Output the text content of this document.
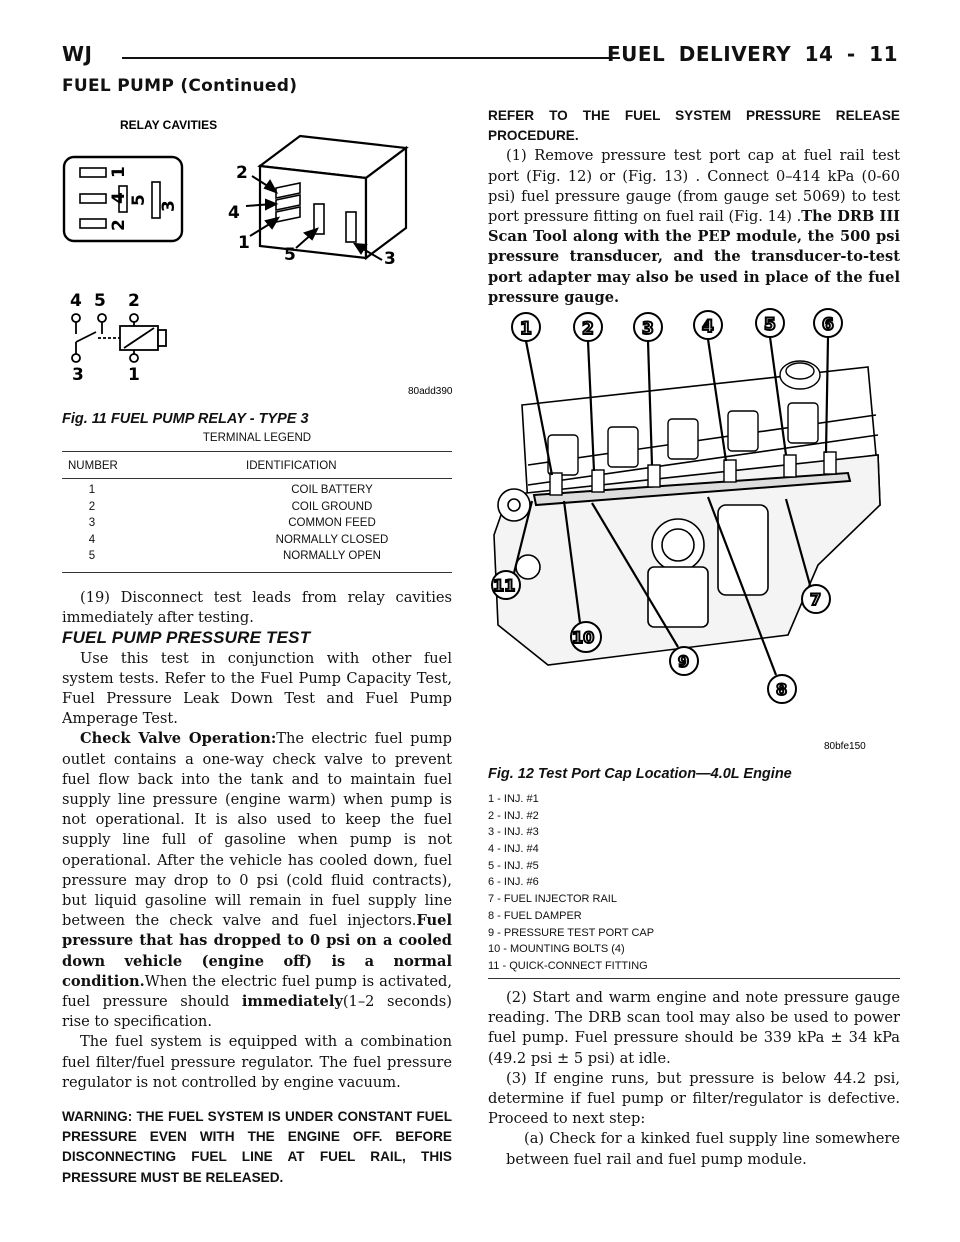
WJ	FUEL DELIVERY 14 - 11
FUEL PUMP (Continued)
RELAY CAVITIES
1
2
3
4 5
2
4
1
5	3
4 5 2
3	1
80add390
Fig. 11 FUEL PUMP RELAY - TYPE 3
TERMINAL LEGEND
NUMBER	IDENTIFICATION
1	COIL BATTERY
2	COIL GROUND
3	COMMON FEED
4	NORMALLY CLOSED
5	NORMALLY OPEN

(19) Disconnect test leads from relay cavities immediately after testing.

FUEL PUMP PRESSURE TEST

Use this test in conjunction with other fuel system tests. Refer to the Fuel Pump Capacity Test, Fuel Pressure Leak Down Test and Fuel Pump Amperage Test.

Check Valve Operation:The electric fuel pump outlet contains a one-way check valve to prevent fuel flow back into the tank and to maintain fuel supply line pressure (engine warm) when pump is not operational. It is also used to keep the fuel supply line full of gasoline when pump is not operational. After the vehicle has cooled down, fuel pressure may drop to 0 psi (cold fluid contracts), but liquid gasoline will remain in fuel supply line between the check valve and fuel injectors.Fuel pressure that has dropped to 0 psi on a cooled down vehicle (engine off) is a normal condition.When the electric fuel pump is activated, fuel pressure should immediately(1–2 seconds) rise to specification.

The fuel system is equipped with a combination fuel filter/fuel pressure regulator. The fuel pressure regulator is not controlled by engine vacuum.

WARNING: THE FUEL SYSTEM IS UNDER CONSTANT FUEL PRESSURE EVEN WITH THE ENGINE OFF. BEFORE DISCONNECTING FUEL LINE AT FUEL RAIL, THIS PRESSURE MUST BE RELEASED.

REFER TO THE FUEL SYSTEM PRESSURE RELEASE PROCEDURE.

(1) Remove pressure test port cap at fuel rail test port (Fig. 12) or (Fig. 13) . Connect 0–414 kPa (0-60 psi) fuel pressure gauge (from gauge set 5069) to test port pressure fitting on fuel rail (Fig. 14) .The DRB III Scan Tool along with the PEP module, the 500 psi pressure transducer, and the transducer-to-test port adapter may also be used in place of the fuel pressure gauge.

1	2	3	4	5	6
11
10
9
8
7
80bfe150
Fig. 12 Test Port Cap Location—4.0L Engine
1 - INJ. #1
2 - INJ. #2
3 - INJ. #3
4 - INJ. #4
5 - INJ. #5
6 - INJ. #6
7 - FUEL INJECTOR RAIL
8 - FUEL DAMPER
9 - PRESSURE TEST PORT CAP
10 - MOUNTING BOLTS (4)
11 - QUICK-CONNECT FITTING

(2) Start and warm engine and note pressure gauge reading. The DRB scan tool may also be used to power fuel pump. Fuel pressure should be 339 kPa ± 34 kPa (49.2 psi ± 5 psi) at idle.

(3) If engine runs, but pressure is below 44.2 psi, determine if fuel pump or filter/regulator is defective. Proceed to next step:

(a) Check for a kinked fuel supply line somewhere between fuel rail and fuel pump module.
